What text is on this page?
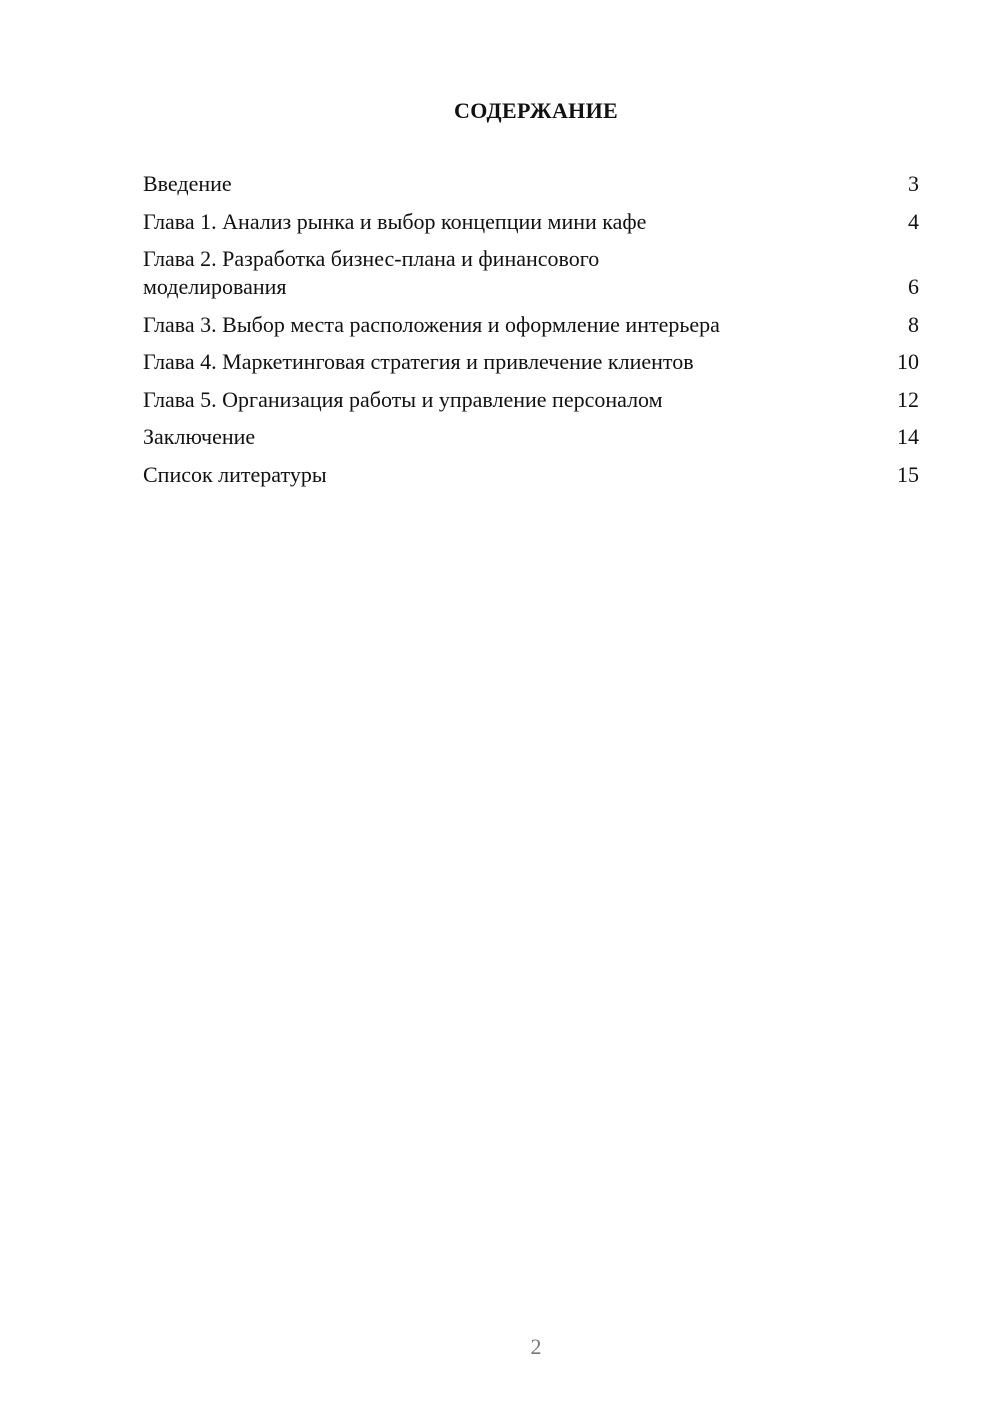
СОДЕРЖАНИЕ
Введение	3
Глава 1. Анализ рынка и выбор концепции мини кафе	4
Глава 2. Разработка бизнес-плана и финансового моделирования	6
Глава 3. Выбор места расположения и оформление интерьера	8
Глава 4. Маркетинговая стратегия и привлечение клиентов	10
Глава 5. Организация работы и управление персоналом	12
Заключение	14
Список литературы	15
2
